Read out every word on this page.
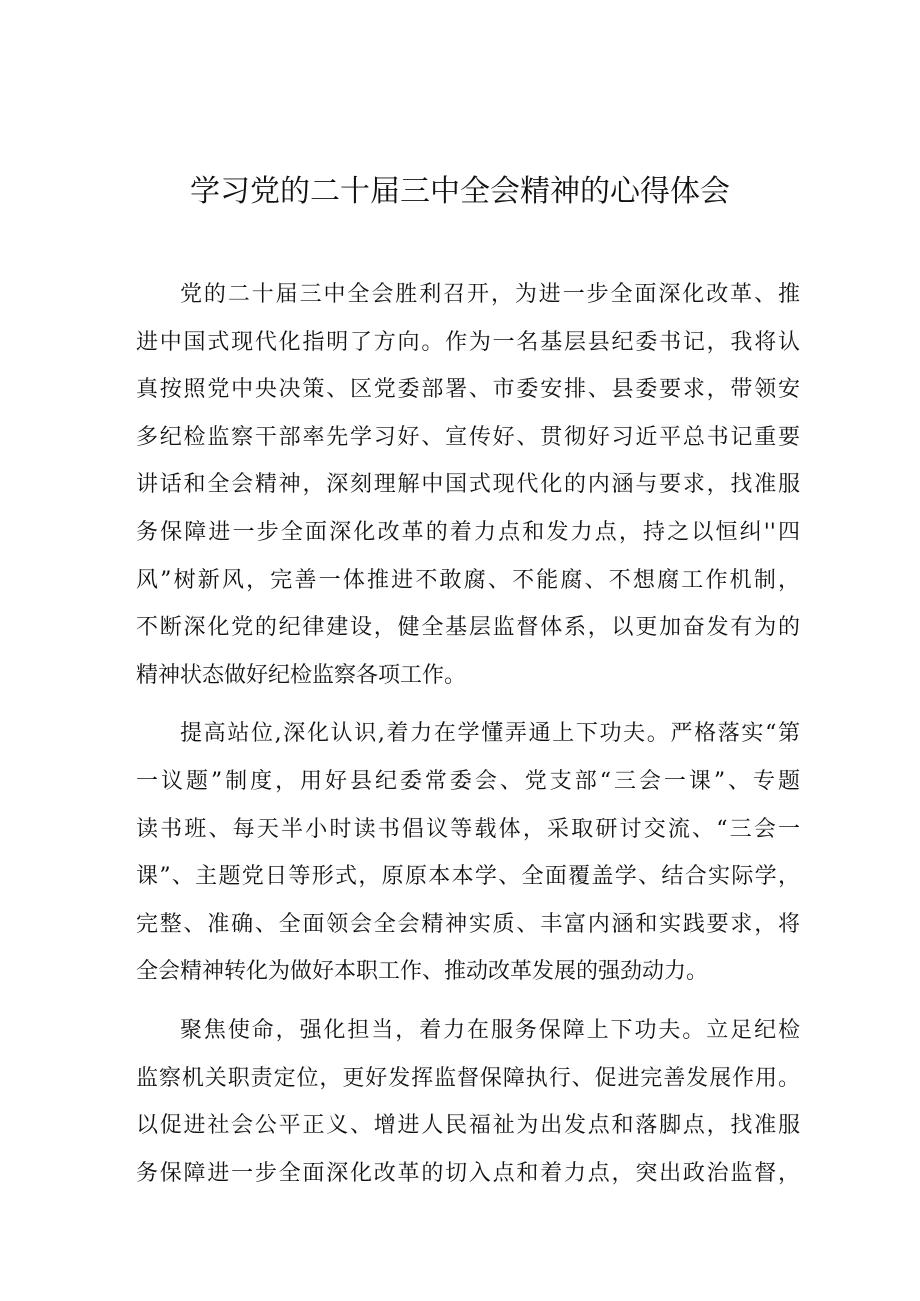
学习党的二十届三中全会精神的心得体会
党的二十届三中全会胜利召开，为进一步全面深化改革、推
进中国式现代化指明了方向。作为一名基层县纪委书记，我将认
真按照党中央决策、区党委部署、市委安排、县委要求，带领安
多纪检监察干部率先学习好、宣传好、贯彻好习近平总书记重要
讲话和全会精神，深刻理解中国式现代化的内涵与要求，找准服
务保障进一步全面深化改革的着力点和发力点，持之以恒纠''四
风”树新风，完善一体推进不敢腐、不能腐、不想腐工作机制，
不断深化党的纪律建设，健全基层监督体系，以更加奋发有为的
精神状态做好纪检监察各项工作。
提高站位,深化认识,着力在学懂弄通上下功夫。严格落实“第
一议题”制度，用好县纪委常委会、党支部“三会一课”、专题
读书班、每天半小时读书倡议等载体，采取研讨交流、“三会一
课”、主题党日等形式，原原本本学、全面覆盖学、结合实际学，
完整、准确、全面领会全会精神实质、丰富内涵和实践要求，将
全会精神转化为做好本职工作、推动改革发展的强劲动力。
聚焦使命，强化担当，着力在服务保障上下功夫。立足纪检
监察机关职责定位，更好发挥监督保障执行、促进完善发展作用。
以促进社会公平正义、增进人民福祉为出发点和落脚点，找准服
务保障进一步全面深化改革的切入点和着力点，突出政治监督，
